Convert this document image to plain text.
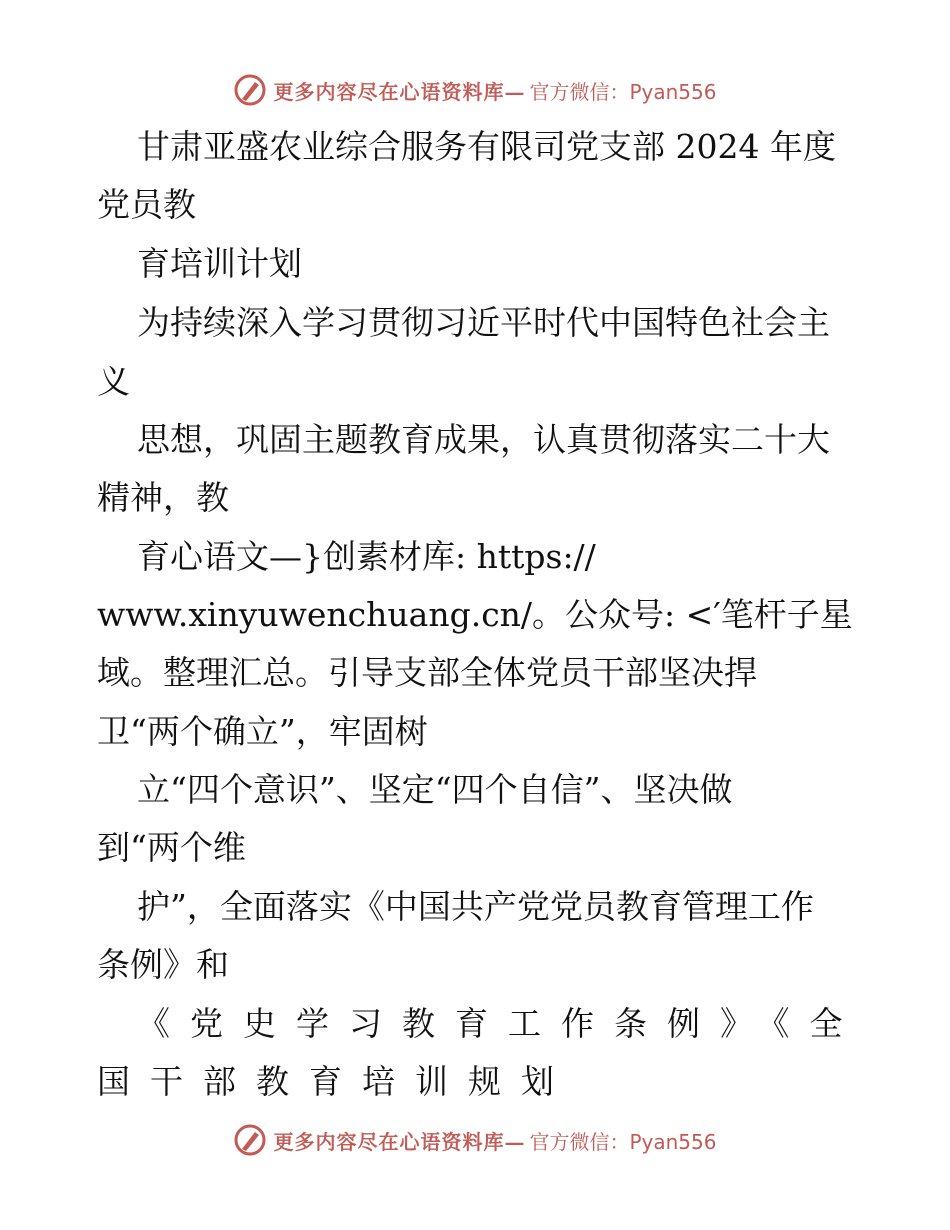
更多内容尽在心语资料库— 官方微信：Pyan556
甘肃亚盛农业综合服务有限司党支部 2024 年度
党员教
育培训计划
为持续深入学习贯彻习近平时代中国特色社会主
义
思想，巩固主题教育成果，认真贯彻落实二十大
精神，教
育心语文—}创素材库: https://
www.xinyuwenchuang.cn/。公众号: <′笔杆子星
域。整理汇总。引导支部全体党员干部坚决捍
卫“两个确立”，牢固树
立“四个意识”、坚定“四个自信”、坚决做
到“两个维
护”，全面落实《中国共产党党员教育管理工作
条例》和
《党史学习教育工作条例》《全
国干部教育培训规划
更多内容尽在心语资料库— 官方微信：Pyan556
